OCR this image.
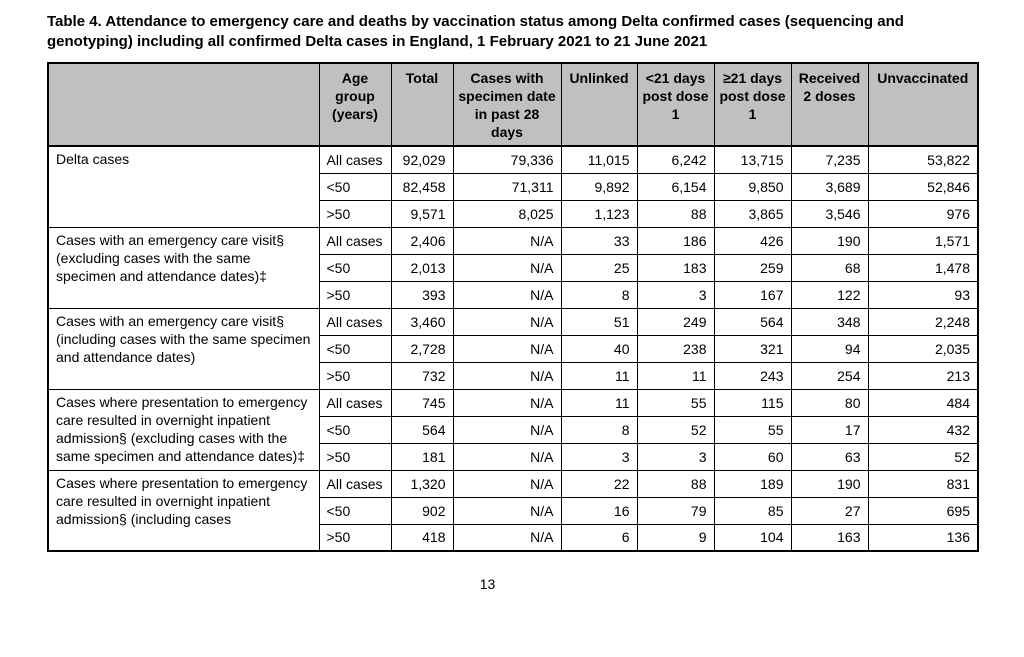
Table 4. Attendance to emergency care and deaths by vaccination status among Delta confirmed cases (sequencing and genotyping) including all confirmed Delta cases in England, 1 February 2021 to 21 June 2021
	Age group (years)	Total	Cases with specimen date in past 28 days	Unlinked	<21 days post dose 1	≥21 days post dose 1	Received 2 doses	Unvaccinated
Delta cases	All cases	92,029	79,336	11,015	6,242	13,715	7,235	53,822
	<50	82,458	71,311	9,892	6,154	9,850	3,689	52,846
	>50	9,571	8,025	1,123	88	3,865	3,546	976
Cases with an emergency care visit§ (excluding cases with the same specimen and attendance dates)‡	All cases	2,406	N/A	33	186	426	190	1,571
	<50	2,013	N/A	25	183	259	68	1,478
	>50	393	N/A	8	3	167	122	93
Cases with an emergency care visit§ (including cases with the same specimen and attendance dates)	All cases	3,460	N/A	51	249	564	348	2,248
	<50	2,728	N/A	40	238	321	94	2,035
	>50	732	N/A	11	11	243	254	213
Cases where presentation to emergency care resulted in overnight inpatient admission§ (excluding cases with the same specimen and attendance dates)‡	All cases	745	N/A	11	55	115	80	484
	<50	564	N/A	8	52	55	17	432
	>50	181	N/A	3	3	60	63	52
Cases where presentation to emergency care resulted in overnight inpatient admission§ (including cases	All cases	1,320	N/A	22	88	189	190	831
	<50	902	N/A	16	79	85	27	695
	>50	418	N/A	6	9	104	163	136
13
